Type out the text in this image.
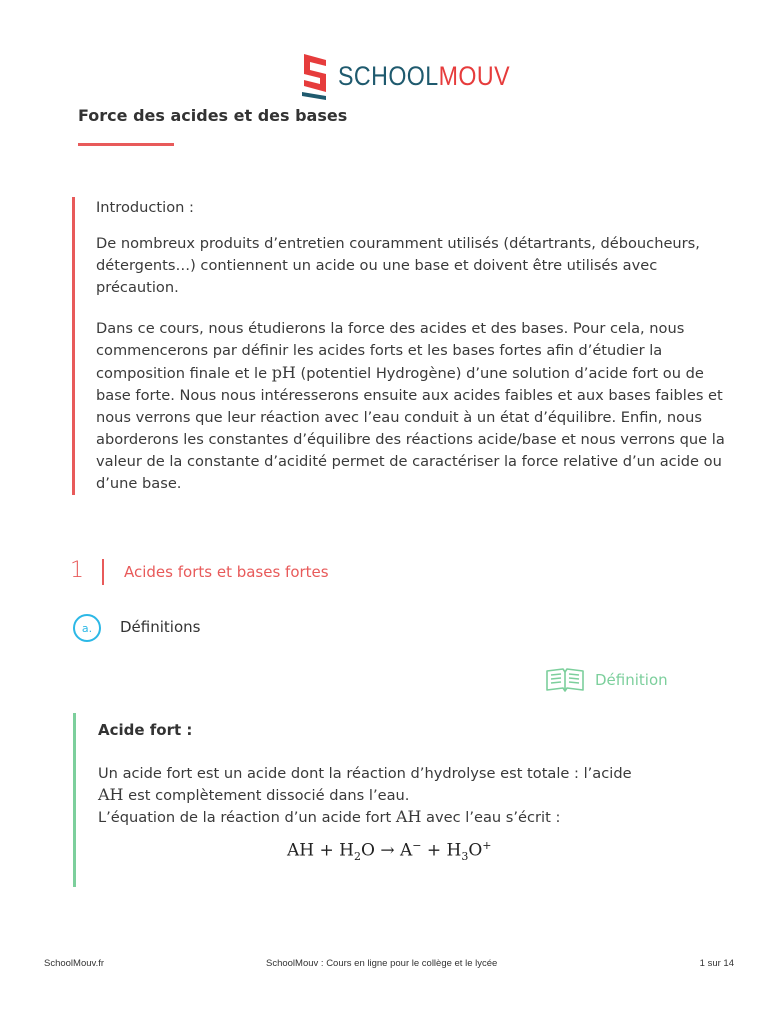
SCHOOLMOUV
Force des acides et des bases

Introduction :

De nombreux produits d’entretien couramment utilisés (détartrants, déboucheurs, détergents…) contiennent un acide ou une base et doivent être utilisés avec précaution.

Dans ce cours, nous étudierons la force des acides et des bases. Pour cela, nous commencerons par définir les acides forts et les bases fortes afin d’étudier la composition finale et le pH (potentiel Hydrogène) d’une solution d’acide fort ou de base forte. Nous nous intéresserons ensuite aux acides faibles et aux bases faibles et nous verrons que leur réaction avec l’eau conduit à un état d’équilibre. Enfin, nous aborderons les constantes d’équilibre des réactions acide/base et nous verrons que la valeur de la constante d’acidité permet de caractériser la force relative d’un acide ou d’une base.

1	Acides forts et bases fortes
a.	Définitions
Définition

Acide fort :

Un acide fort est un acide dont la réaction d’hydrolyse est totale : l’acide
AH est complètement dissocié dans l’eau.
L’équation de la réaction d’un acide fort AH avec l’eau s’écrit :

AH + $H_2O \to A^- + H_3O^+$
SchoolMouv.fr	SchoolMouv : Cours en ligne pour le collège et le lycée	1 sur 14
